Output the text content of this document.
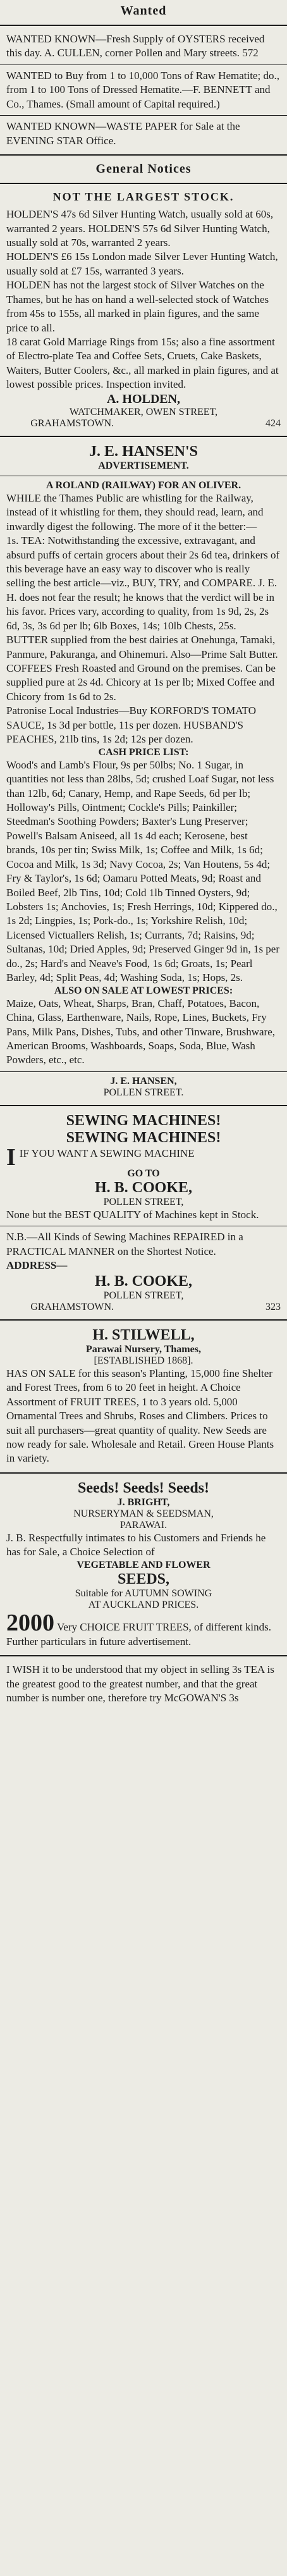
Wanted
WANTED KNOWN—Fresh Supply of OYSTERS received this day. A. CULLEN, corner Pollen and Mary streets. 572
WANTED to Buy from 1 to 10,000 Tons of Raw Hematite; do., from 1 to 100 Tons of Dressed Hematite.—F. BENNETT and Co., Thames. (Small amount of Capital required.)
WANTED KNOWN—WASTE PAPER for Sale at the EVENING STAR Office.
General Notices
NOT THE LARGEST STOCK.
HOLDEN'S 47s 6d Silver Hunting Watch, usually sold at 60s, warranted 2 years. HOLDEN'S 57s 6d Silver Hunting Watch, usually sold at 70s, warranted 2 years.
HOLDEN'S £6 15s London made Silver Lever Hunting Watch, usually sold at £7 15s, warranted 3 years.
HOLDEN has not the largest stock of Silver Watches on the Thames, but he has on hand a well-selected stock of Watches from 45s to 155s, all marked in plain figures, and the same price to all.
18 carat Gold Marriage Rings from 15s; also a fine assortment of Electro-plate Tea and Coffee Sets, Cruets, Cake Baskets, Waiters, Butter Coolers, &c., all marked in plain figures, and at lowest possible prices. Inspection invited.
A. HOLDEN,
WATCHMAKER, OWEN STREET,
GRAHAMSTOWN.	424
J. E. HANSEN'S
ADVERTISEMENT.
A ROLAND (RAILWAY) FOR AN OLIVER.
WHILE the Thames Public are whistling for the Railway, instead of it whistling for them, they should read, learn, and inwardly digest the following. The more of it the better:—
1s. TEA: Notwithstanding the excessive, extravagant, and absurd puffs of certain grocers about their 2s 6d tea, drinkers of this beverage have an easy way to discover who is really selling the best article—viz., BUY, TRY, and COMPARE. J. E. H. does not fear the result; he knows that the verdict will be in his favor. Prices vary, according to quality, from 1s 9d, 2s, 2s 6d, 3s, 3s 6d per lb; 6lb Boxes, 14s; 10lb Chests, 25s.
BUTTER supplied from the best dairies at Onehunga, Tamaki, Panmure, Pakuranga, and Ohinemuri. Also—Prime Salt Butter.
COFFEES Fresh Roasted and Ground on the premises. Can be supplied pure at 2s 4d. Chicory at 1s per lb; Mixed Coffee and Chicory from 1s 6d to 2s.
Patronise Local Industries—Buy KORFORD'S TOMATO SAUCE, 1s 3d per bottle, 11s per dozen. HUSBAND'S PEACHES, 21lb tins, 1s 2d; 12s per dozen.
CASH PRICE LIST:
Wood's and Lamb's Flour, 9s per 50lbs; No. 1 Sugar, in quantities not less than 28lbs, 5d; crushed Loaf Sugar, not less than 12lb, 6d; Canary, Hemp, and Rape Seeds, 6d per lb; Holloway's Pills, Ointment; Cockle's Pills; Painkiller; Steedman's Soothing Powders; Baxter's Lung Preserver; Powell's Balsam Aniseed, all 1s 4d each; Kerosene, best brands, 10s per tin; Swiss Milk, 1s; Coffee and Milk, 1s 6d; Cocoa and Milk, 1s 3d; Navy Cocoa, 2s; Van Houtens, 5s 4d; Fry & Taylor's, 1s 6d; Oamaru Potted Meats, 9d; Roast and Boiled Beef, 2lb Tins, 10d; Cold 1lb Tinned Oysters, 9d; Lobsters 1s; Anchovies, 1s; Fresh Herrings, 10d; Kippered do., 1s 2d; Lingpies, 1s; Pork-do., 1s; Yorkshire Relish, 10d; Licensed Victuallers Relish, 1s; Currants, 7d; Raisins, 9d; Sultanas, 10d; Dried Apples, 9d; Preserved Ginger 9d in, 1s per do., 2s; Hard's and Neave's Food, 1s 6d; Groats, 1s; Pearl Barley, 4d; Split Peas, 4d; Washing Soda, 1s; Hops, 2s.
ALSO ON SALE AT LOWEST PRICES:
Maize, Oats, Wheat, Sharps, Bran, Chaff, Potatoes, Bacon, China, Glass, Earthenware, Nails, Rope, Lines, Buckets, Fry Pans, Milk Pans, Dishes, Tubs, and other Tinware, Brushware, American Brooms, Washboards, Soaps, Soda, Blue, Wash Powders, etc., etc.
J. E. HANSEN,
POLLEN STREET.
SEWING MACHINES!
SEWING MACHINES!
I IF YOU WANT A SEWING MACHINE
GO TO
H. B. COOKE,
POLLEN STREET,
None but the BEST QUALITY of Machines kept in Stock.
N.B.—All Kinds of Sewing Machines REPAIRED in a PRACTICAL MANNER on the Shortest Notice.
ADDRESS—
H. B. COOKE,
POLLEN STREET,
GRAHAMSTOWN.	323
H. STILWELL,
Parawai Nursery, Thames,
[ESTABLISHED 1868].
HAS ON SALE for this season's Planting, 15,000 fine Shelter and Forest Trees, from 6 to 20 feet in height. A Choice Assortment of FRUIT TREES, 1 to 3 years old. 5,000 Ornamental Trees and Shrubs, Roses and Climbers. Prices to suit all purchasers—great quantity of quality. New Seeds are now ready for sale. Wholesale and Retail. Green House Plants in variety.
Seeds! Seeds! Seeds!
J. BRIGHT,
NURSERYMAN & SEEDSMAN,
PARAWAI.
J. B. Respectfully intimates to his Customers and Friends he has for Sale, a Choice Selection of
VEGETABLE AND FLOWER
SEEDS,
Suitable for AUTUMN SOWING
AT AUCKLAND PRICES.
2000 Very CHOICE FRUIT TREES, of different kinds. Further particulars in future advertisement.
I WISH it to be understood that my object in selling 3s TEA is the greatest good to the greatest number, and that the great number is number one, therefore try McGOWAN'S 3s
